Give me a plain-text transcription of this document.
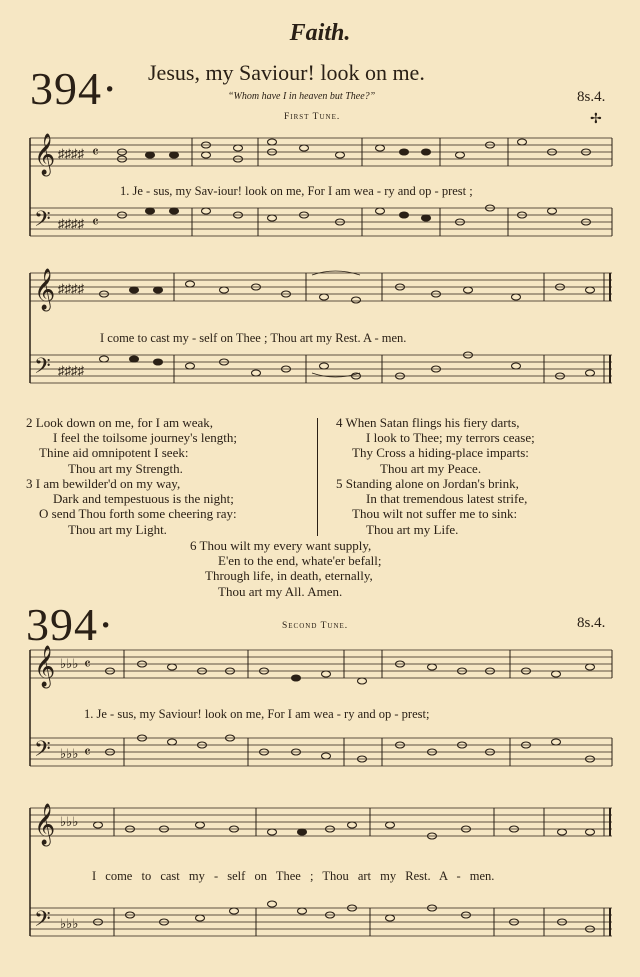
Faith.
394· Jesus, my Saviour! look on me.
“Whom have I in heaven but Thee?”	8s.4.
First Tune.	✢
𝄞
𝄢
♯♯♯♯
♯♯♯♯
𝄴
𝄴
1. Je - sus, my Sav-iour! look on me, For I am wea - ry and op - prest ;
𝄞
𝄢
♯♯♯♯
♯♯♯♯
I come to cast my - self on Thee ; Thou art my Rest. A - men.
2 Look down on me, for I am weak,
I feel the toilsome journey's length;
Thine aid omnipotent I seek:
Thou art my Strength.
3 I am bewilder'd on my way,
Dark and tempestuous is the night;
O send Thou forth some cheering ray:
Thou art my Light.
4 When Satan flings his fiery darts,
I look to Thee; my terrors cease;
Thy Cross a hiding-place imparts:
Thou art my Peace.
5 Standing alone on Jordan's brink,
In that tremendous latest strife,
Thou wilt not suffer me to sink:
Thou art my Life.
6 Thou wilt my every want supply,
E'en to the end, whate'er befall;
Through life, in death, eternally,
Thou art my All. Amen.
394·	Second Tune.	8s.4.
𝄞
𝄢
♭♭♭
♭♭♭
𝄴
𝄴
1. Je - sus, my Saviour! look on me, For I am wea - ry and op - prest;
𝄞
𝄢
♭♭♭
♭♭♭
I come to cast my - self on Thee ; Thou art my Rest. A - men.
